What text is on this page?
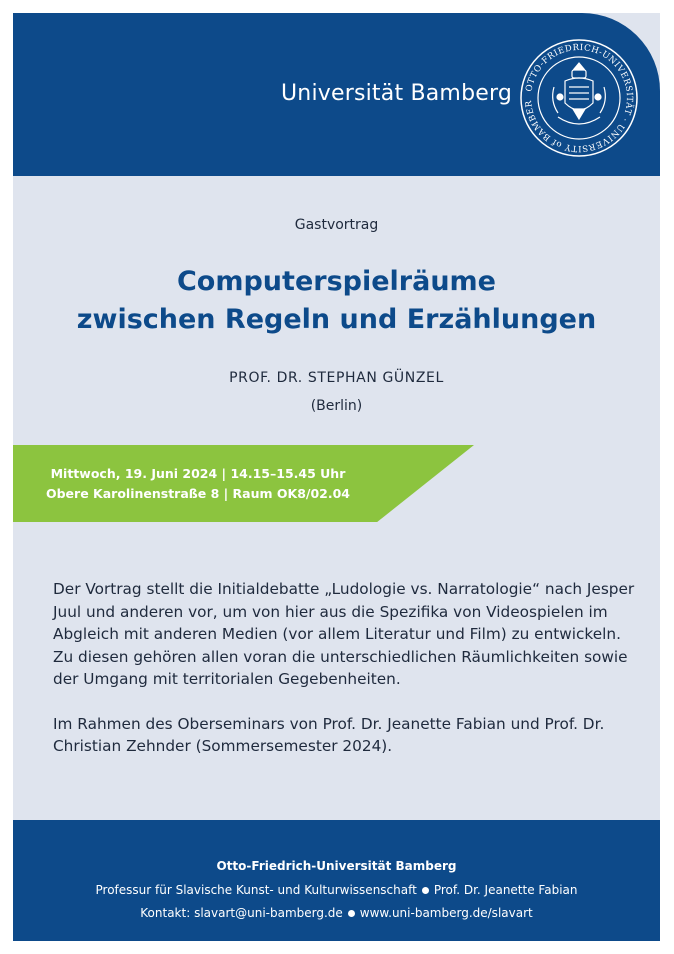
Universität Bamberg	OTTO-FRIEDRICH-UNIVERSITÄT · UNIVERSITY of BAMBER
Gastvortrag
Computerspielräume
zwischen Regeln und Erzählungen
PROF. DR. STEPHAN GÜNZEL
(Berlin)
Mittwoch, 19. Juni 2024 | 14.15–15.45 Uhr
Obere Karolinenstraße 8 | Raum OK8/02.04

Der Vortrag stellt die Initialdebatte „Ludologie vs. Narratologie“ nach Jesper Juul und anderen vor, um von hier aus die Spezifika von Videospielen im Abgleich mit anderen Medien (vor allem Literatur und Film) zu entwickeln. Zu diesen gehören allen voran die unterschiedlichen Räumlichkeiten sowie der Umgang mit territorialen Gegebenheiten.

Im Rahmen des Oberseminars von Prof. Dr. Jeanette Fabian und Prof. Dr. Christian Zehnder (Sommersemester 2024).

Otto-Friedrich-Universität Bamberg
Professur für Slavische Kunst- und Kulturwissenschaft Prof. Dr. Jeanette Fabian
Kontakt: slavart@uni-bamberg.de www.uni-bamberg.de/slavart
